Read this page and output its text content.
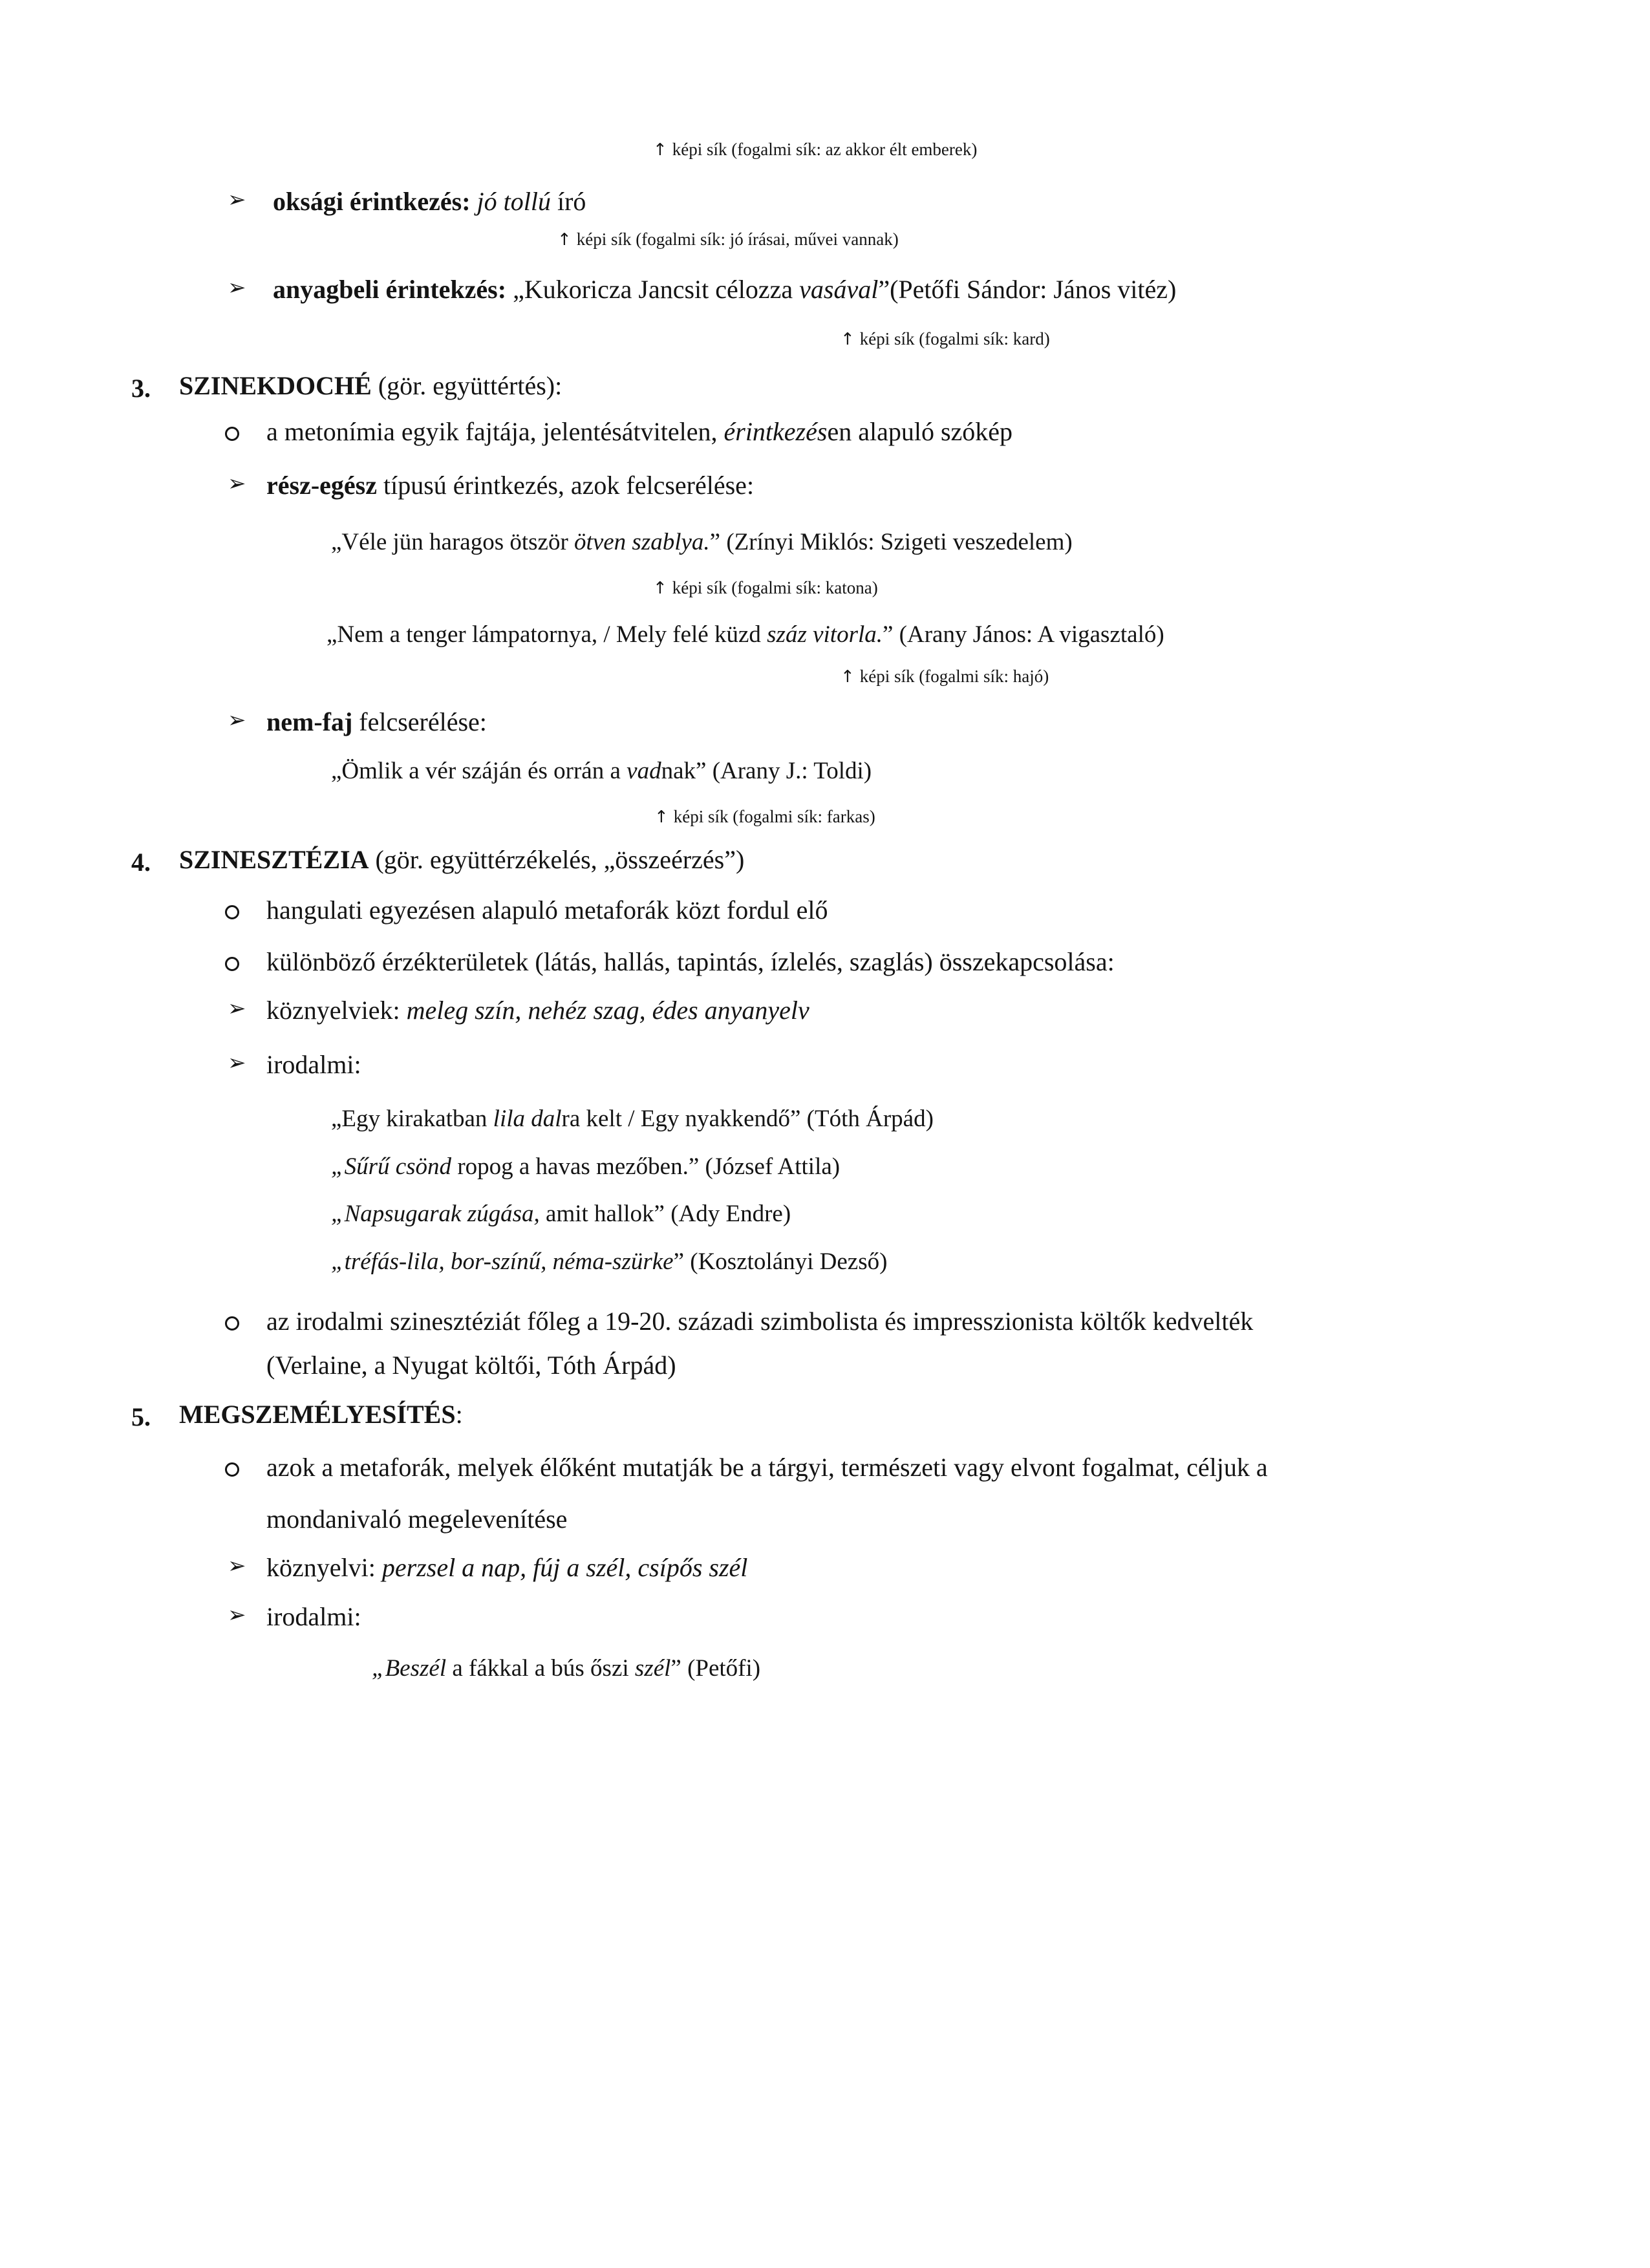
↑ képi sík (fogalmi sík: az akkor élt emberek)
➢ oksági érintkezés: jó tollú író
↑ képi sík (fogalmi sík: jó írásai, művei vannak)
➢ anyagbeli érintekzés: „Kukoricza Jancsit célozza vasával”(Petőfi Sándor: János vitéz)
↑ képi sík (fogalmi sík: kard)
3. SZINEKDOCHÉ (gör. együttértés):
a metonímia egyik fajtája, jelentésátvitelen, érintkezésen alapuló szókép
➢ rész-egész típusú érintkezés, azok felcserélése:
„Véle jün haragos ötször ötven szablya.” (Zrínyi Miklós: Szigeti veszedelem)
↑ képi sík (fogalmi sík: katona)
„Nem a tenger lámpatornya, / Mely felé küzd száz vitorla.” (Arany János: A vigasztaló)
↑ képi sík (fogalmi sík: hajó)
➢ nem-faj felcserélése:
„Ömlik a vér száján és orrán a vadnak” (Arany J.: Toldi)
↑ képi sík (fogalmi sík: farkas)
4. SZINESZTÉZIA (gör. együttérzékelés, „összeérzés”)
hangulati egyezésen alapuló metaforák közt fordul elő
különböző érzékterületek (látás, hallás, tapintás, ízlelés, szaglás) összekapcsolása:
➢ köznyelviek: meleg szín, nehéz szag, édes anyanyelv
➢ irodalmi:
„Egy kirakatban lila dalra kelt / Egy nyakkendő” (Tóth Árpád)
„Sűrű csönd ropog a havas mezőben.” (József Attila)
„Napsugarak zúgása, amit hallok” (Ady Endre)
„tréfás-lila, bor-színű, néma-szürke” (Kosztolányi Dezső)
az irodalmi szinesztéziát főleg a 19-20. századi szimbolista és impresszionista költők kedvelték
(Verlaine, a Nyugat költői, Tóth Árpád)
5. MEGSZEMÉLYESÍTÉS:
azok a metaforák, melyek élőként mutatják be a tárgyi, természeti vagy elvont fogalmat, céljuk a
mondanivaló megelevenítése
➢ köznyelvi: perzsel a nap, fúj a szél, csípős szél
➢ irodalmi:
„Beszél a fákkal a bús őszi szél” (Petőfi)
